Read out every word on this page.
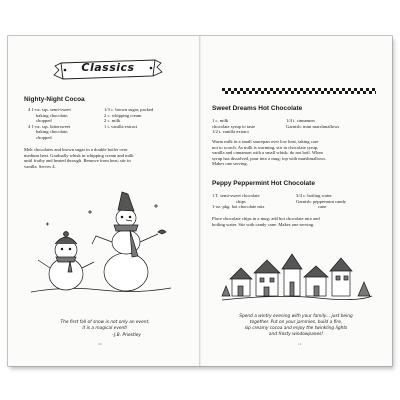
Classics
Nighty-Night Cocoa
4 1-oz. sqs. semi-sweet
baking chocolate,
chopped
4 1-oz. sqs. bittersweet
baking chocolate,
chopped
1/3 c. brown sugar, packed
2 c. whipping cream
2 c. milk
1 t. vanilla extract
Melt chocolates and brown sugar in a double boiler over
medium heat. Gradually whisk in whipping cream and milk
until frothy and heated through. Remove from heat; stir in
vanilla. Serves 4.
The first fall of snow is not only an event,
it is a magical event!
–J.B. Priestley
10
Sweet Dreams Hot Chocolate
1 c. milk
chocolate syrup to taste
1/2 t. vanilla extract
1/4 t. cinnamon
Garnish: mini marshmallows
Warm milk in a small saucepan over low heat, taking care
not to scorch. As milk is warming, stir in chocolate syrup,
vanilla and cinnamon with a small whisk; do not boil. When
syrup has dissolved, pour into a mug; top with marshmallows.
Makes one serving.
Peppy Peppermint Hot Chocolate
1 T. semi-sweet chocolate
chips
1-oz. pkg. hot chocolate mix
3/4 c. boiling water
Garnish: peppermint candy
cane
Place chocolate chips in a mug; add hot chocolate mix and
boiling water. Stir with candy cane. Makes one serving.
Spend a wintry evening with your family... just being
together. Put on your jammies, build a fire,
sip creamy cocoa and enjoy the twinkling lights
and frosty windowpanes!
11
